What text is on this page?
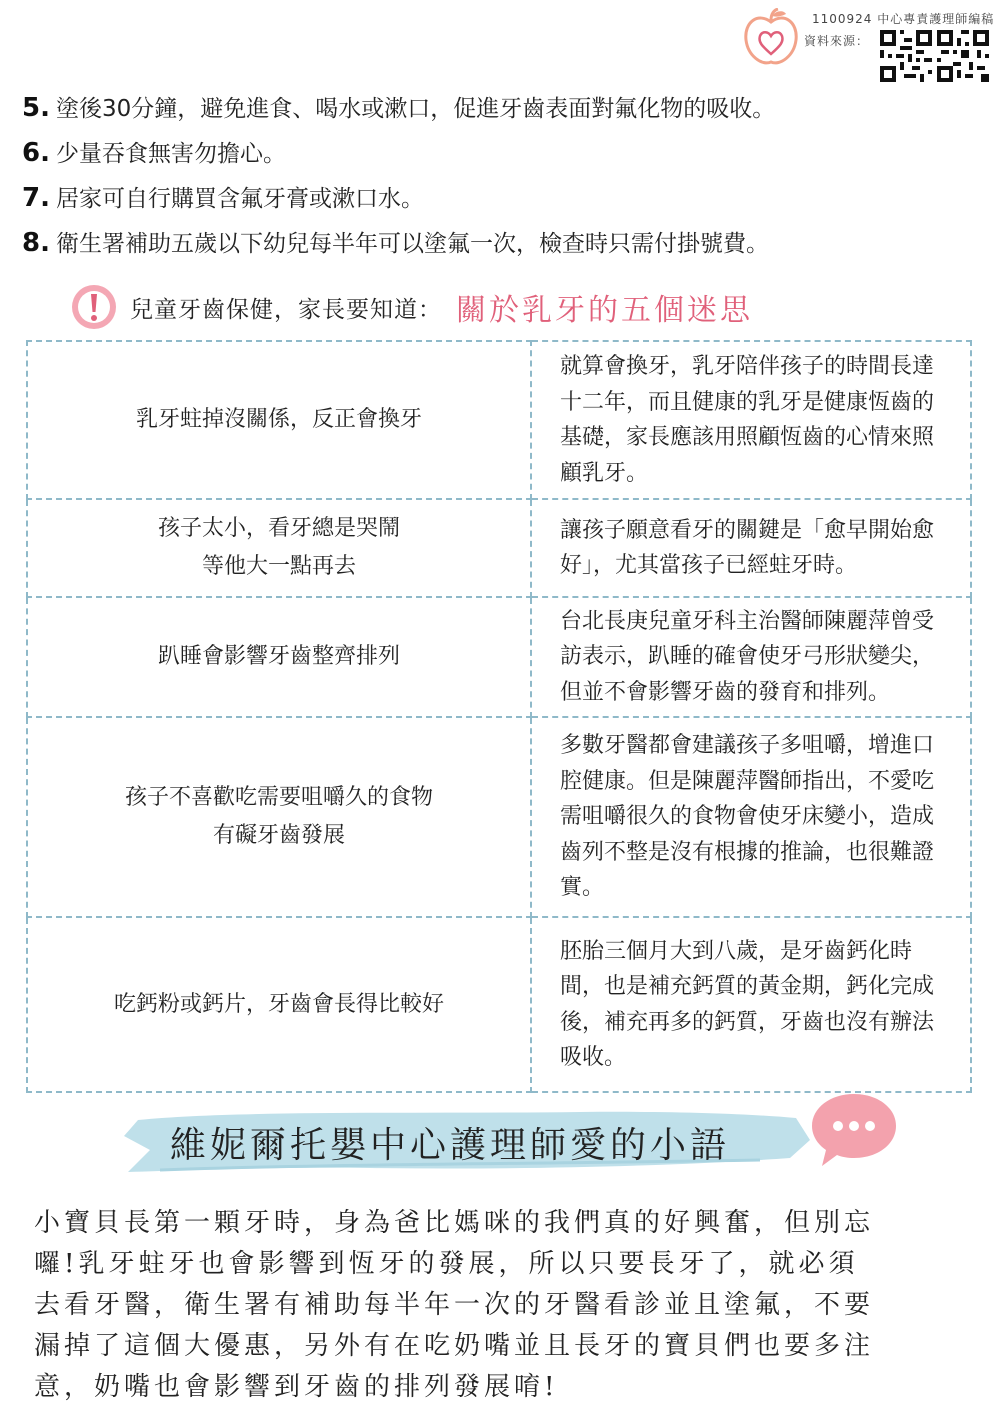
1100924 中心專責護理師編稿
資料來源：
5. 塗後30分鐘，避免進食、喝水或漱口，促進牙齒表面對氟化物的吸收。
6. 少量吞食無害勿擔心。
7. 居家可自行購買含氟牙膏或漱口水。
8. 衛生署補助五歲以下幼兒每半年可以塗氟一次，檢查時只需付掛號費。
兒童牙齒保健，家長要知道： 關於乳牙的五個迷思
乳牙蛀掉沒關係，反正會換牙	就算會換牙，乳牙陪伴孩子的時間長達
十二年，而且健康的乳牙是健康恆齒的
基礎，家長應該用照顧恆齒的心情來照
顧乳牙。

孩子太小，看牙總是哭鬧
等他大一點再去	讓孩子願意看牙的關鍵是「愈早開始愈
好」，尤其當孩子已經蛀牙時。

趴睡會影響牙齒整齊排列	台北長庚兒童牙科主治醫師陳麗萍曾受
訪表示，趴睡的確會使牙弓形狀變尖，
但並不會影響牙齒的發育和排列。

孩子不喜歡吃需要咀嚼久的食物
有礙牙齒發展	多數牙醫都會建議孩子多咀嚼，增進口
腔健康。但是陳麗萍醫師指出，不愛吃
需咀嚼很久的食物會使牙床變小，造成
齒列不整是沒有根據的推論，也很難證
實。

吃鈣粉或鈣片，牙齒會長得比較好	胚胎三個月大到八歲，是牙齒鈣化時
間，也是補充鈣質的黃金期，鈣化完成
後，補充再多的鈣質，牙齒也沒有辦法
吸收。
維妮爾托嬰中心護理師愛的小語
小寶貝長第一顆牙時，身為爸比媽咪的我們真的好興奮，但別忘
囉!乳牙蛀牙也會影響到恆牙的發展，所以只要長牙了，就必須
去看牙醫，衛生署有補助每半年一次的牙醫看診並且塗氟，不要
漏掉了這個大優惠，另外有在吃奶嘴並且長牙的寶貝們也要多注
意，奶嘴也會影響到牙齒的排列發展唷!
